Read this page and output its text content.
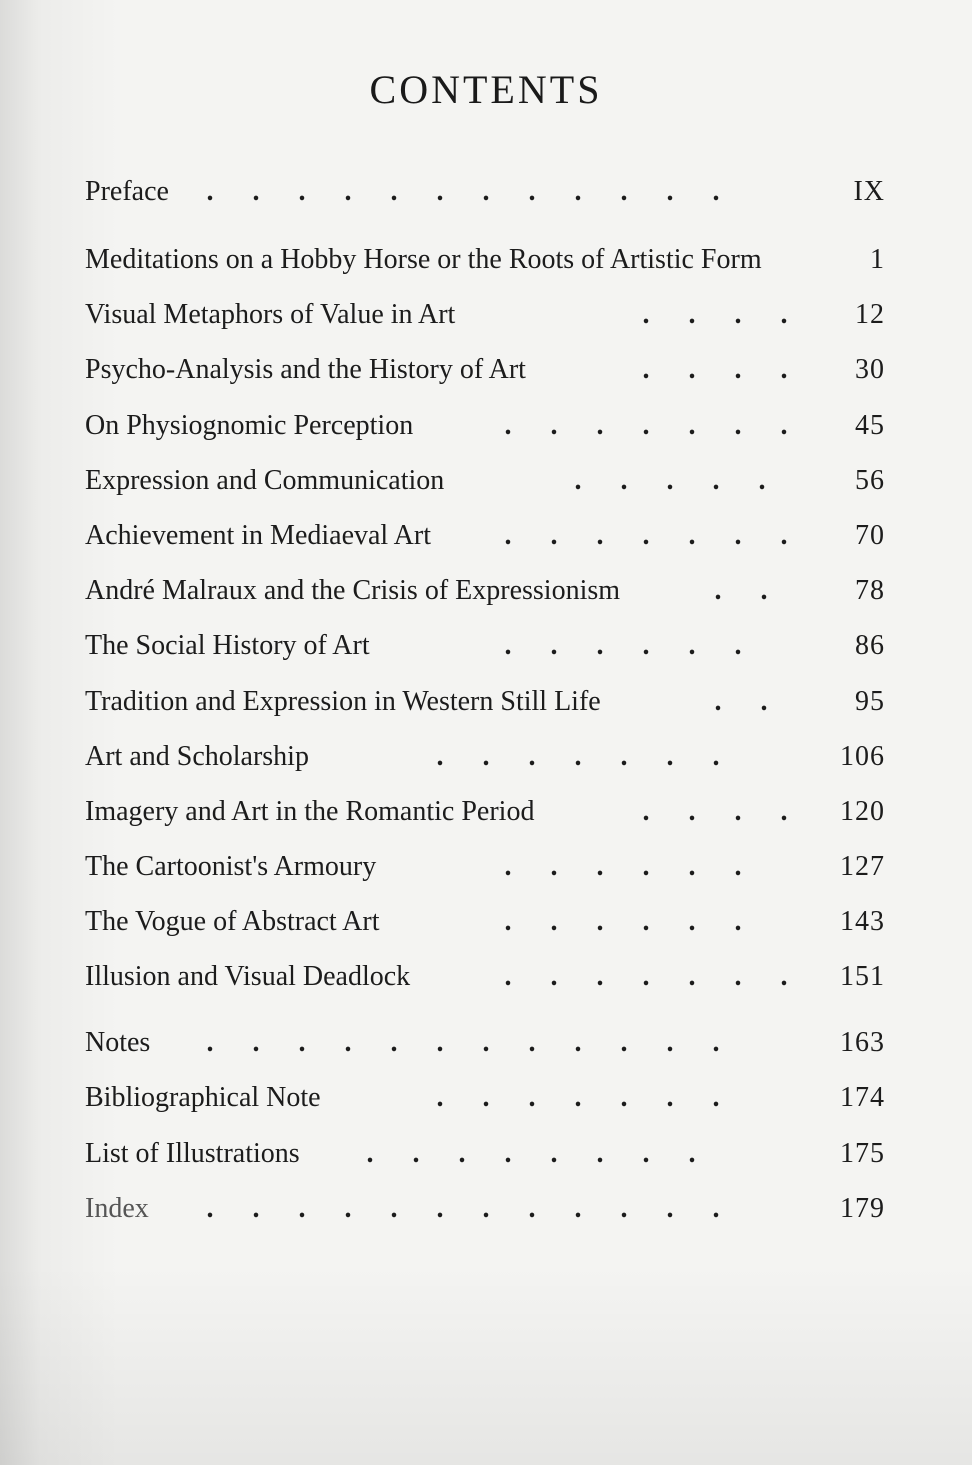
CONTENTS
Preface	. . . . . . . . . . . .	IX
Meditations on a Hobby Horse or the Roots of Artistic Form	1
Visual Metaphors of Value in Art	. . . .	12
Psycho-Analysis and the History of Art	. . . .	30
On Physiognomic Perception	. . . . . . .	45
Expression and Communication	. . . . .	56
Achievement in Mediaeval Art	. . . . . . .	70
André Malraux and the Crisis of Expressionism	. .	78
The Social History of Art	. . . . . .	86
Tradition and Expression in Western Still Life	. .	95
Art and Scholarship	. . . . . . .	106
Imagery and Art in the Romantic Period	. . . .	120
The Cartoonist's Armoury	. . . . . .	127
The Vogue of Abstract Art	. . . . . .	143
Illusion and Visual Deadlock	. . . . . . .	151
Notes	. . . . . . . . . . . .	163
Bibliographical Note	. . . . . . .	174
List of Illustrations	. . . . . . . .	175
Index	. . . . . . . . . . . .	179
